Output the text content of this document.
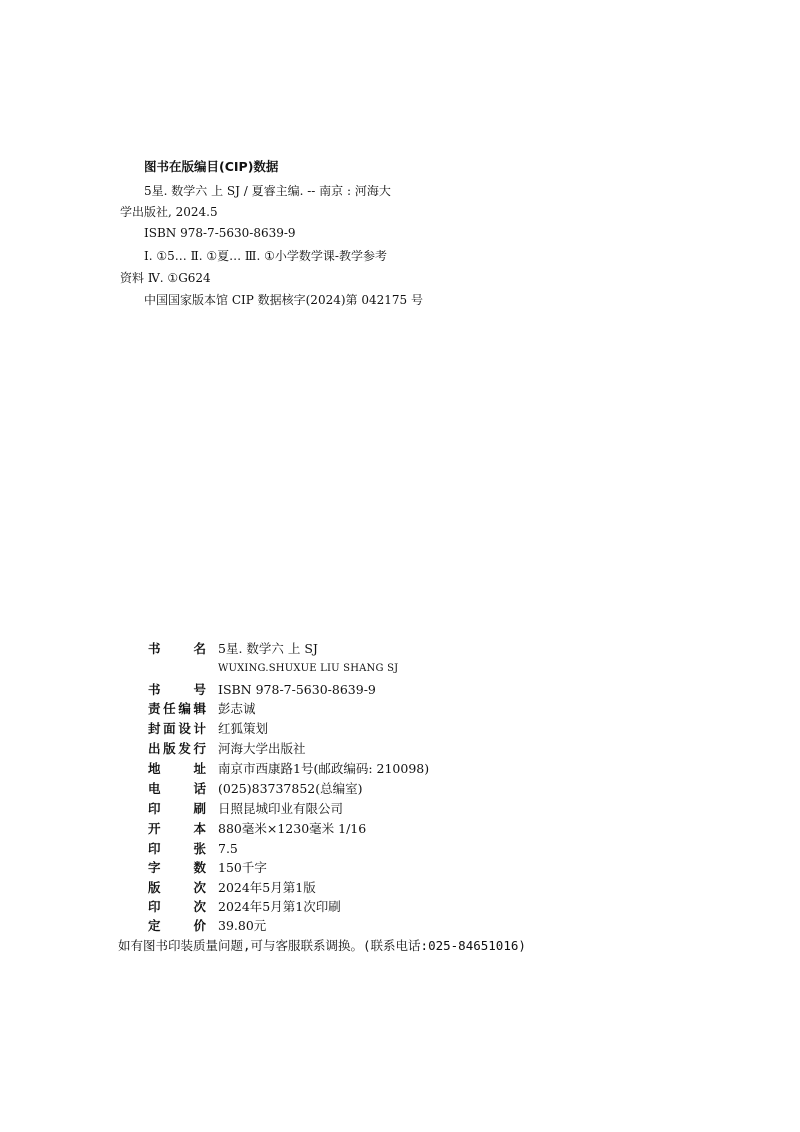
图书在版编目(CIP)数据
5星. 数学六 上 SJ / 夏睿主编. -- 南京 : 河海大
学出版社, 2024.5
ISBN 978-7-5630-8639-9
Ⅰ. ①5… Ⅱ. ①夏… Ⅲ. ①小学数学课-教学参考
资料 Ⅳ. ①G624
中国国家版本馆 CIP 数据核字(2024)第 042175 号
书名 5星. 数学六 上 SJ
WUXING.SHUXUE LIU SHANG SJ
书号 ISBN 978-7-5630-8639-9
责任编辑 彭志诚
封面设计 红狐策划
出版发行 河海大学出版社
地址 南京市西康路1号(邮政编码: 210098)
电话 (025)83737852(总编室)
印刷 日照昆城印业有限公司
开本 880毫米×1230毫米 1/16
印张 7.5
字数 150千字
版次 2024年5月第1版
印次 2024年5月第1次印刷
定价 39.80元
如有图书印装质量问题,可与客服联系调换。(联系电话:025-84651016)
